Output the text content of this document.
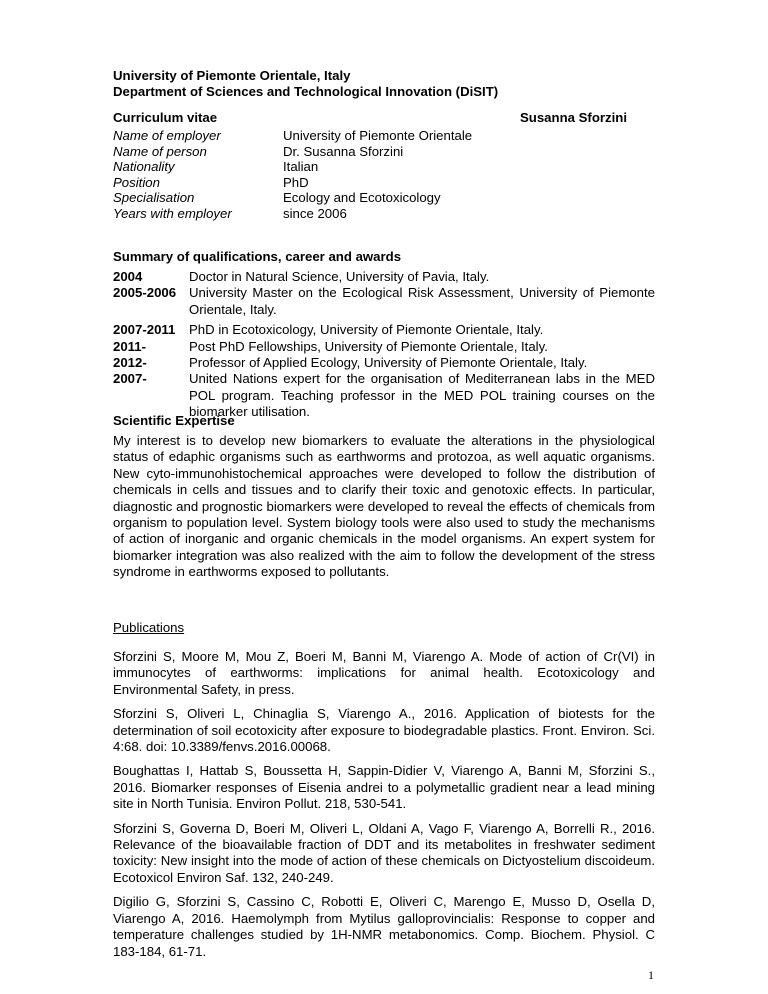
University of Piemonte Orientale, Italy
Department of Sciences and Technological Innovation (DiSIT)
Curriculum vitae	Susanna Sforzini
Name of employer	University of Piemonte Orientale
Name of person	Dr. Susanna Sforzini
Nationality	Italian
Position	PhD
Specialisation	Ecology and Ecotoxicology
Years with employer	since 2006
Summary of qualifications, career and awards
2004	Doctor in Natural Science, University of Pavia, Italy.
2005-2006 University Master on the Ecological Risk Assessment, University of Piemonte Orientale, Italy.
2007-2011	PhD in Ecotoxicology, University of Piemonte Orientale, Italy.
2011-	Post PhD Fellowships, University of Piemonte Orientale, Italy.
2012-	Professor of Applied Ecology, University of Piemonte Orientale, Italy.
2007-	United Nations expert for the organisation of Mediterranean labs in the MED POL program. Teaching professor in the MED POL training courses on the biomarker utilisation.
Scientific Expertise
My interest is to develop new biomarkers to evaluate the alterations in the physiological status of edaphic organisms such as earthworms and protozoa, as well aquatic organisms. New cyto-immunohistochemical approaches were developed to follow the distribution of chemicals in cells and tissues and to clarify their toxic and genotoxic effects. In particular, diagnostic and prognostic biomarkers were developed to reveal the effects of chemicals from organism to population level. System biology tools were also used to study the mechanisms of action of inorganic and organic chemicals in the model organisms. An expert system for biomarker integration was also realized with the aim to follow the development of the stress syndrome in earthworms exposed to pollutants.
Publications

Sforzini S, Moore M, Mou Z, Boeri M, Banni M, Viarengo A. Mode of action of Cr(VI) in immunocytes of earthworms: implications for animal health. Ecotoxicology and Environmental Safety, in press.

Sforzini S, Oliveri L, Chinaglia S, Viarengo A., 2016. Application of biotests for the determination of soil ecotoxicity after exposure to biodegradable plastics. Front. Environ. Sci. 4:68. doi: 10.3389/fenvs.2016.00068.

Boughattas I, Hattab S, Boussetta H, Sappin-Didier V, Viarengo A, Banni M, Sforzini S., 2016. Biomarker responses of Eisenia andrei to a polymetallic gradient near a lead mining site in North Tunisia. Environ Pollut. 218, 530-541.

Sforzini S, Governa D, Boeri M, Oliveri L, Oldani A, Vago F, Viarengo A, Borrelli R., 2016. Relevance of the bioavailable fraction of DDT and its metabolites in freshwater sediment toxicity: New insight into the mode of action of these chemicals on Dictyostelium discoideum. Ecotoxicol Environ Saf. 132, 240-249.

Digilio G, Sforzini S, Cassino C, Robotti E, Oliveri C, Marengo E, Musso D, Osella D, Viarengo A, 2016. Haemolymph from Mytilus galloprovincialis: Response to copper and temperature challenges studied by 1H-NMR metabonomics. Comp. Biochem. Physiol. C 183-184, 61-71.

1
